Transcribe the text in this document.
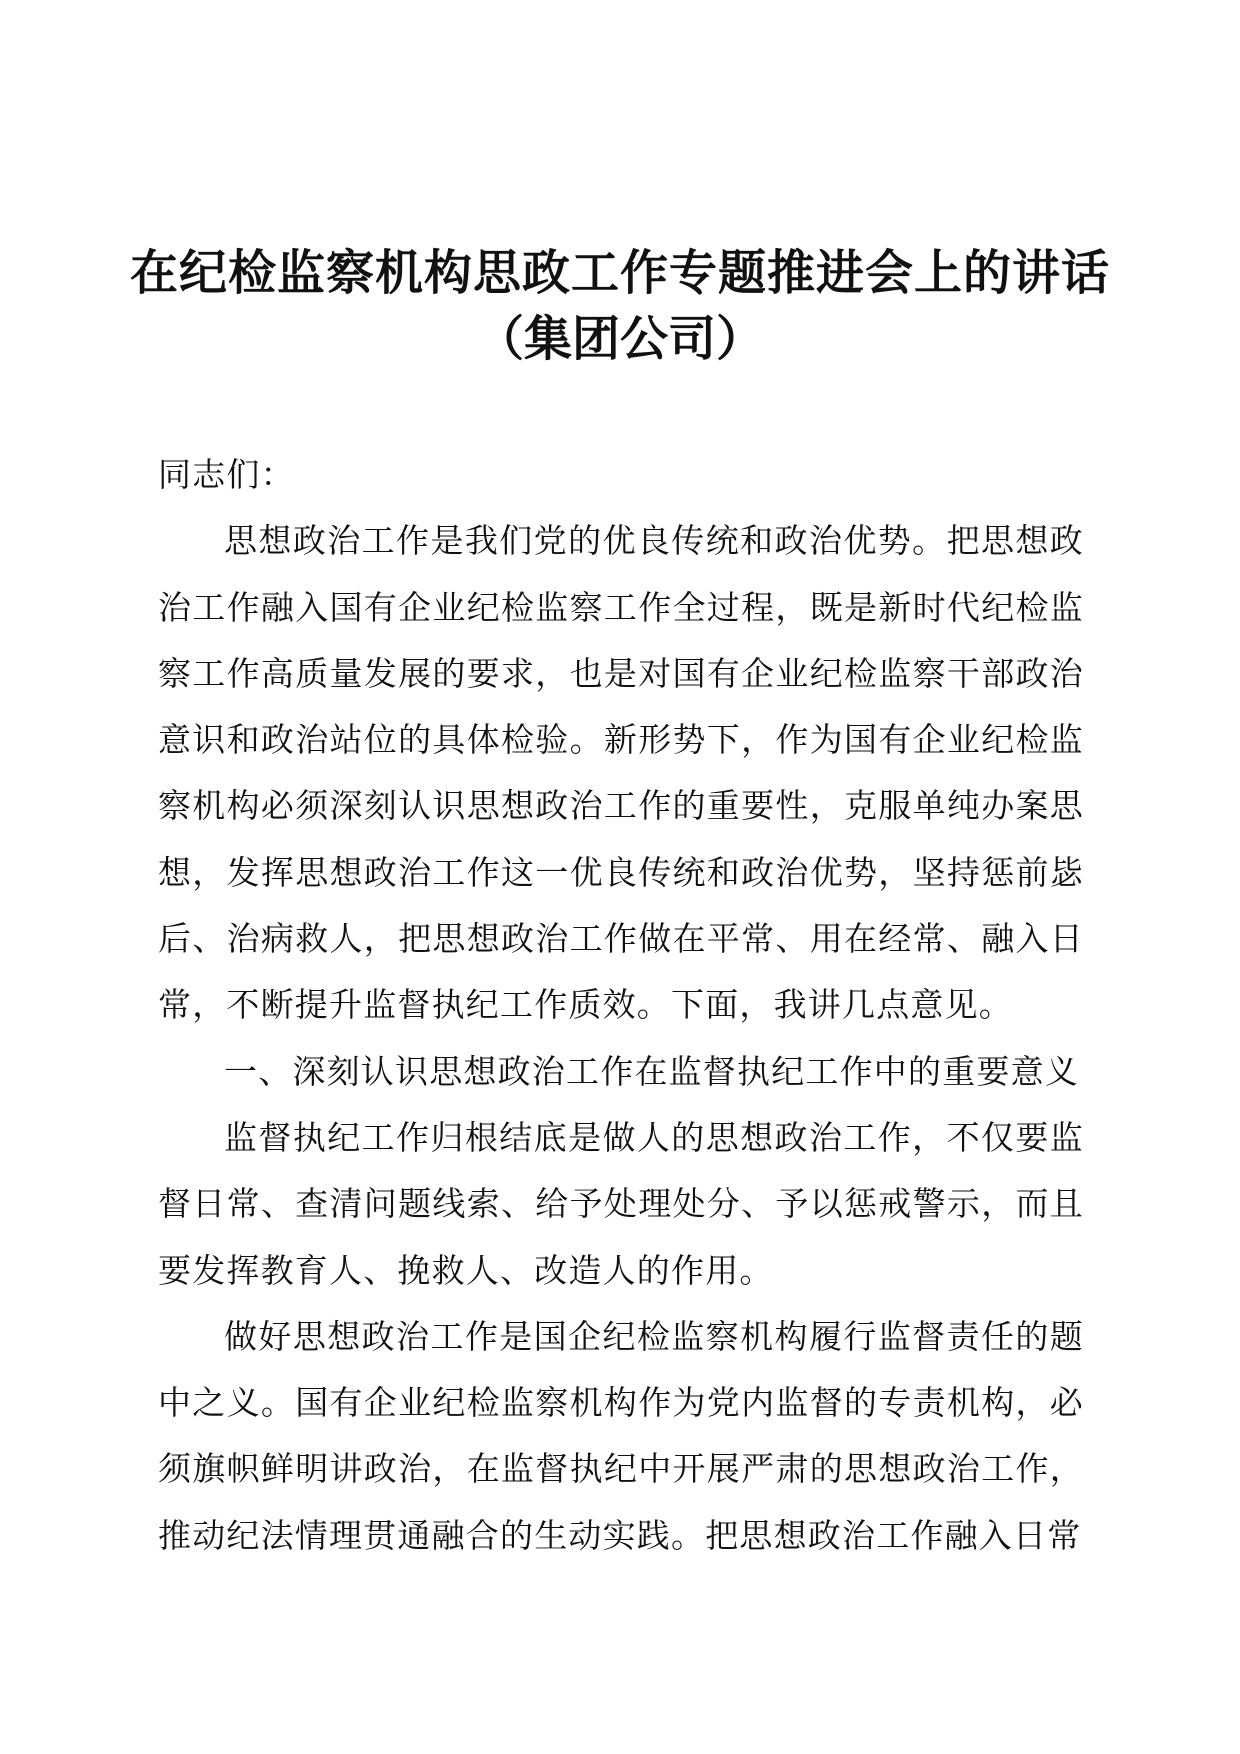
在纪检监察机构思政工作专题推进会上的讲话
（集团公司）

同志们：

思想政治工作是我们党的优良传统和政治优势。把思想政治工作融入国有企业纪检监察工作全过程，既是新时代纪检监察工作高质量发展的要求，也是对国有企业纪检监察干部政治意识和政治站位的具体检验。新形势下，作为国有企业纪检监察机构必须深刻认识思想政治工作的重要性，克服单纯办案思想，发挥思想政治工作这一优良传统和政治优势，坚持惩前毖后、治病救人，把思想政治工作做在平常、用在经常、融入日常，不断提升监督执纪工作质效。下面，我讲几点意见。

一、深刻认识思想政治工作在监督执纪工作中的重要意义

监督执纪工作归根结底是做人的思想政治工作，不仅要监督日常、查清问题线索、给予处理处分、予以惩戒警示，而且要发挥教育人、挽救人、改造人的作用。

做好思想政治工作是国企纪检监察机构履行监督责任的题中之义。国有企业纪检监察机构作为党内监督的专责机构，必须旗帜鲜明讲政治，在监督执纪中开展严肃的思想政治工作，推动纪法情理贯通融合的生动实践。把思想政治工作融入日常
